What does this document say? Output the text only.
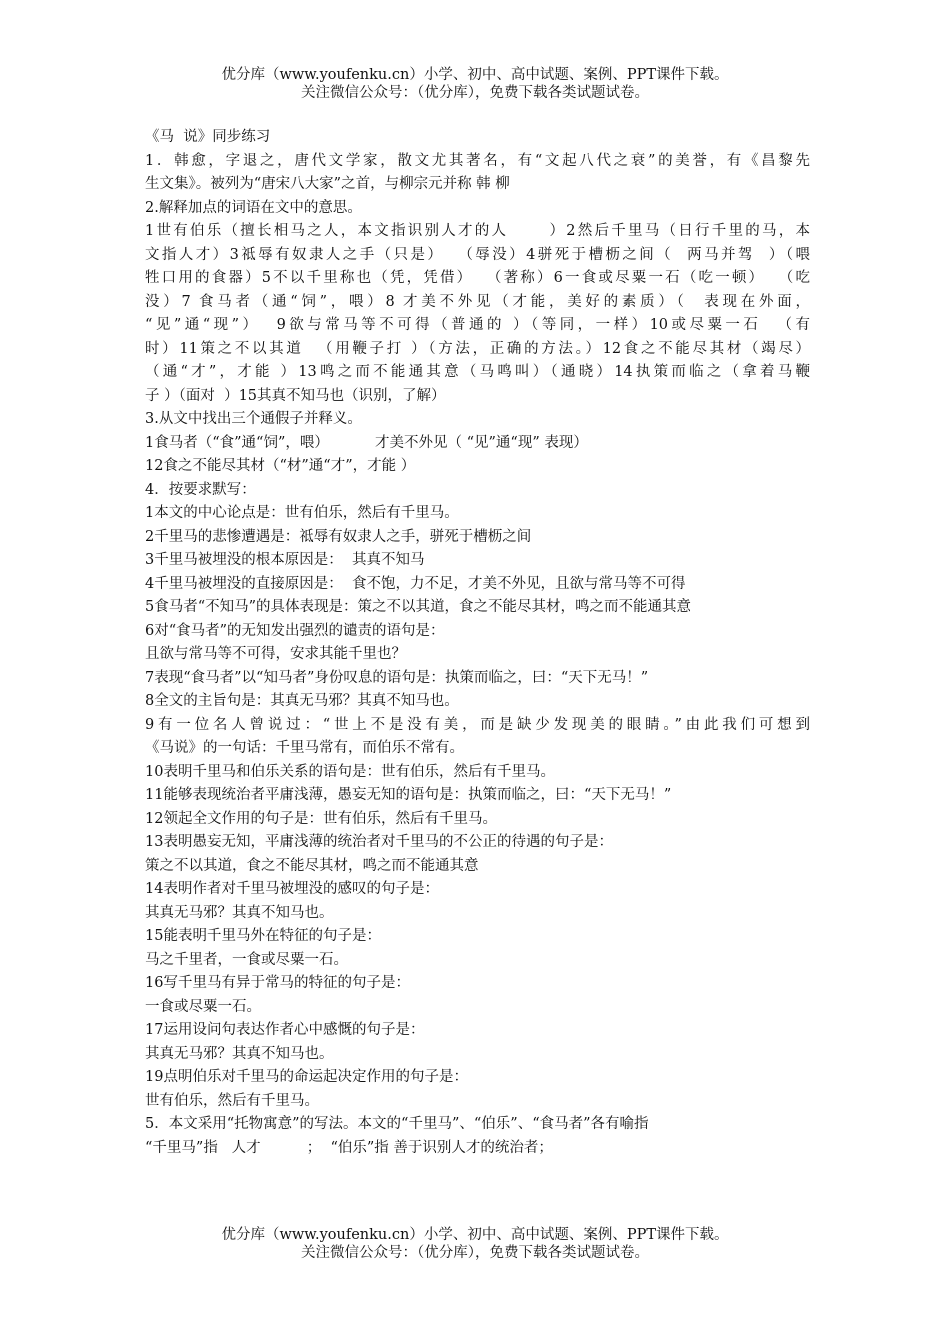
优分库（www.youfenku.cn）小学、初中、高中试题、案例、PPT课件下载。
关注微信公众号：（优分库），免费下载各类试题试卷。
《马  说》同步练习
1．韩愈，字退之，唐代文学家，散文尤其著名，有“文起八代之衰”的美誉，有《昌黎先
生文集》。被列为“唐宋八大家”之首，与柳宗元并称 韩 柳
2.解释加点的词语在文中的意思。
1世有伯乐（擅长相马之人，本文指识别人才的人      ）2然后千里马（日行千里的马，本
文指人才）3祗辱有奴隶人之手（只是）  （辱没）4骈死于槽枥之间（  两马并驾  ）（喂
牲口用的食器）5不以千里称也（凭，凭借）  （著称）6一食或尽粟一石（吃一顿）  （吃
没）7 食马者（通“饲”，喂）8 才美不外见（才能，美好的素质）（  表现在外面，
“见”通“现”）  9欲与常马等不可得（普通的 ）（等同，一样）10或尽粟一石  （有
时）11策之不以其道  （用鞭子打 ）（方法，正确的方法。）12食之不能尽其材（竭尽）
（通“才”，才能 ）13鸣之而不能通其意（马鸣叫）（通晓）14执策而临之（拿着马鞭
子 ）（面对  ）15其真不知马也（识别，了解）
3.从文中找出三个通假子并释义。
1食马者（“食”通“饲”，喂）          才美不外见（ “见”通“现” 表现）
12食之不能尽其材（“材”通“才”，才能 ）
4．按要求默写：
1本文的中心论点是：世有伯乐，然后有千里马。
2千里马的悲惨遭遇是：祗辱有奴隶人之手，骈死于槽枥之间
3千里马被埋没的根本原因是：  其真不知马
4千里马被埋没的直接原因是：  食不饱，力不足，才美不外见，且欲与常马等不可得
5食马者“不知马”的具体表现是：策之不以其道，食之不能尽其材，鸣之而不能通其意
6对“食马者”的无知发出强烈的谴责的语句是：
且欲与常马等不可得，安求其能千里也？
7表现“食马者”以“知马者”身份叹息的语句是：执策而临之，曰：“天下无马！”
8全文的主旨句是：其真无马邪？其真不知马也。
9有一位名人曾说过：“世上不是没有美，而是缺少发现美的眼睛。”由此我们可想到
《马说》的一句话：千里马常有，而伯乐不常有。
10表明千里马和伯乐关系的语句是：世有伯乐，然后有千里马。
11能够表现统治者平庸浅薄，愚妄无知的语句是：执策而临之，曰：“天下无马！”
12领起全文作用的句子是：世有伯乐，然后有千里马。
13表明愚妄无知，平庸浅薄的统治者对千里马的不公正的待遇的句子是：
策之不以其道，食之不能尽其材，鸣之而不能通其意
14表明作者对千里马被埋没的感叹的句子是：
其真无马邪？其真不知马也。
15能表明千里马外在特征的句子是：
马之千里者，一食或尽粟一石。
16写千里马有异于常马的特征的句子是：
一食或尽粟一石。
17运用设问句表达作者心中感慨的句子是：
其真无马邪？其真不知马也。
19点明伯乐对千里马的命运起决定作用的句子是：
世有伯乐，然后有千里马。
5．本文采用“托物寓意”的写法。本文的“千里马”、“伯乐”、“食马者”各有喻指
“千里马”指   人才          ；  “伯乐”指 善于识别人才的统治者；
优分库（www.youfenku.cn）小学、初中、高中试题、案例、PPT课件下载。
关注微信公众号：（优分库），免费下载各类试题试卷。
